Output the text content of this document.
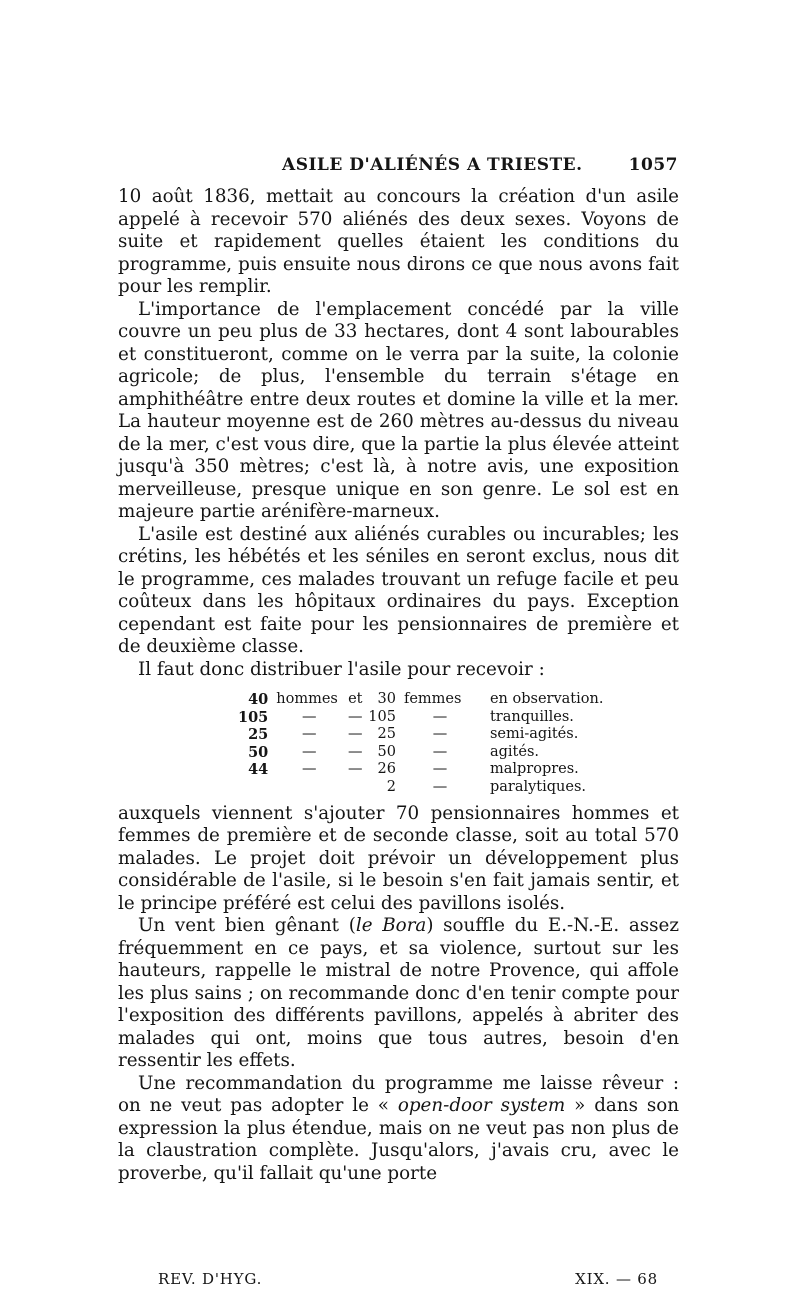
ASILE D'ALIÉNÉS A TRIESTE.	1057

10 août 1836, mettait au concours la création d'un asile appelé à recevoir 570 aliénés des deux sexes. Voyons de suite et rapidement quelles étaient les conditions du programme, puis ensuite nous dirons ce que nous avons fait pour les remplir.

L'importance de l'emplacement concédé par la ville couvre un peu plus de 33 hectares, dont 4 sont labourables et constitueront, comme on le verra par la suite, la colonie agricole; de plus, l'ensemble du terrain s'étage en amphithéâtre entre deux routes et domine la ville et la mer. La hauteur moyenne est de 260 mètres au-dessus du niveau de la mer, c'est vous dire, que la partie la plus élevée atteint jusqu'à 350 mètres; c'est là, à notre avis, une exposition merveilleuse, presque unique en son genre. Le sol est en majeure partie arénifère-marneux.

L'asile est destiné aux aliénés curables ou incurables; les crétins, les hébétés et les séniles en seront exclus, nous dit le programme, ces malades trouvant un refuge facile et peu coûteux dans les hôpitaux ordinaires du pays. Exception cependant est faite pour les pensionnaires de première et de deuxième classe.

Il faut donc distribuer l'asile pour recevoir :

40	hommes	et	30	femmes	en observation.
105	—	—	105	—	tranquilles.
25	—	—	25	—	semi-agités.
50	—	—	50	—	agités.
44	—	—	26	—	malpropres.
			2	—	paralytiques.

auxquels viennent s'ajouter 70 pensionnaires hommes et femmes de première et de seconde classe, soit au total 570 malades. Le projet doit prévoir un développement plus considérable de l'asile, si le besoin s'en fait jamais sentir, et le principe préféré est celui des pavillons isolés.

Un vent bien gênant (le Bora) souffle du E.-N.-E. assez fréquemment en ce pays, et sa violence, surtout sur les hauteurs, rappelle le mistral de notre Provence, qui affole les plus sains ; on recommande donc d'en tenir compte pour l'exposition des différents pavillons, appelés à abriter des malades qui ont, moins que tous autres, besoin d'en ressentir les effets.

Une recommandation du programme me laisse rêveur : on ne veut pas adopter le « open-door system » dans son expression la plus étendue, mais on ne veut pas non plus de la claustration complète. Jusqu'alors, j'avais cru, avec le proverbe, qu'il fallait qu'une porte

REV. D'HYG.	XIX. — 68
